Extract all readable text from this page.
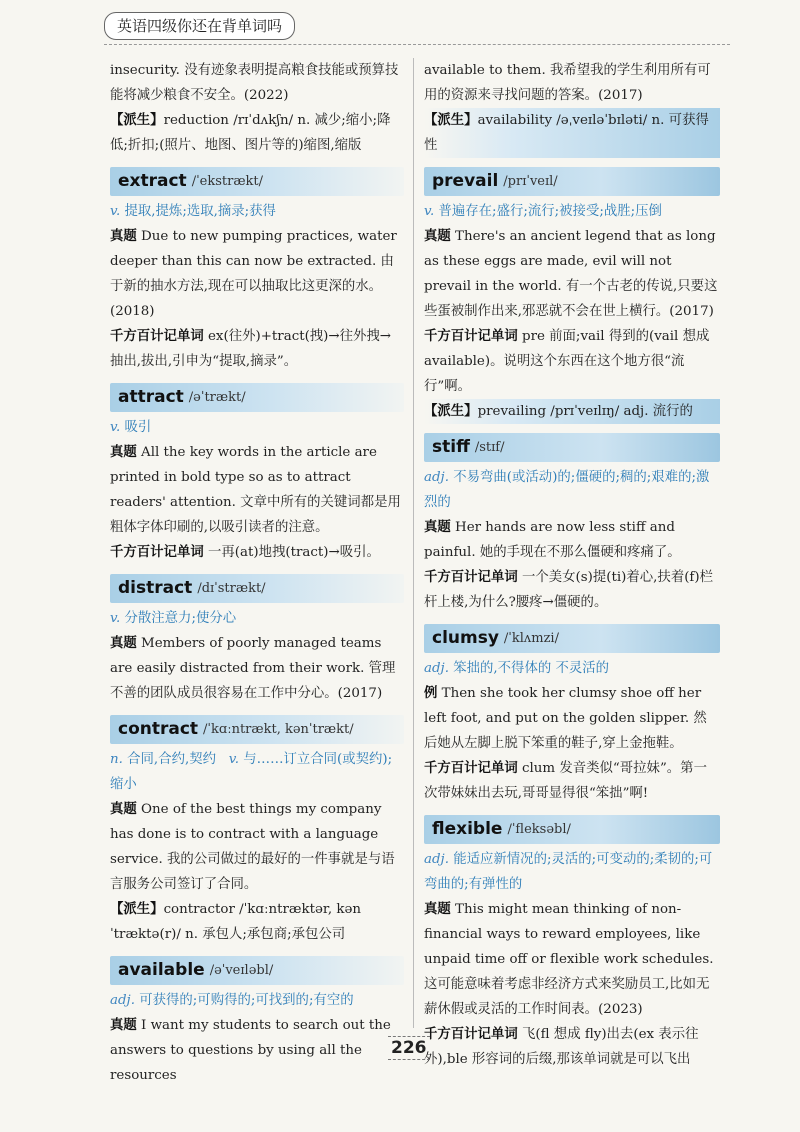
英语四级你还在背单词吗

insecurity. 没有迹象表明提高粮食技能或预算技能将减少粮食不安全。(2022)

【派生】reduction /rɪˈdʌkʃn/ n. 减少;缩小;降低;折扣;(照片、地图、图片等的)缩图,缩版

extract /ˈekstrækt/

v. 提取,提炼;选取,摘录;获得

真题 Due to new pumping practices, water deeper than this can now be extracted. 由于新的抽水方法,现在可以抽取比这更深的水。(2018)

千方百计记单词 ex(往外)+tract(拽)→往外拽→抽出,拔出,引申为“提取,摘录”。

attract /əˈtrækt/

v. 吸引

真题 All the key words in the article are printed in bold type so as to attract readers' attention. 文章中所有的关键词都是用粗体字体印刷的,以吸引读者的注意。

千方百计记单词 一再(at)地拽(tract)→吸引。

distract /dɪˈstrækt/

v. 分散注意力;使分心

真题 Members of poorly managed teams are easily distracted from their work. 管理不善的团队成员很容易在工作中分心。(2017)

contract /ˈkɑːntrækt, kənˈtrækt/

n. 合同,合约,契约 v. 与……订立合同(或契约);缩小

真题 One of the best things my company has done is to contract with a language service. 我的公司做过的最好的一件事就是与语言服务公司签订了合同。

【派生】contractor /ˈkɑːntræktər, kənˈtræktə(r)/ n. 承包人;承包商;承包公司

available /əˈveɪləbl/

adj. 可获得的;可购得的;可找到的;有空的

真题 I want my students to search out the answers to questions by using all the resources

available to them. 我希望我的学生利用所有可用的资源来寻找问题的答案。(2017)

【派生】availability /əˌveɪləˈbɪləti/ n. 可获得性

prevail /prɪˈveɪl/

v. 普遍存在;盛行;流行;被接受;战胜;压倒

真题 There's an ancient legend that as long as these eggs are made, evil will not prevail in the world. 有一个古老的传说,只要这些蛋被制作出来,邪恶就不会在世上横行。(2017)

千方百计记单词 pre 前面;vail 得到的(vail 想成 available)。说明这个东西在这个地方很“流行”啊。

【派生】prevailing /prɪˈveɪlɪŋ/ adj. 流行的

stiff /stɪf/

adj. 不易弯曲(或活动)的;僵硬的;稠的;艰难的;激烈的

真题 Her hands are now less stiff and painful. 她的手现在不那么僵硬和疼痛了。

千方百计记单词 一个美女(s)提(ti)着心,扶着(f)栏杆上楼,为什么?腰疼→僵硬的。

clumsy /ˈklʌmzi/

adj. 笨拙的,不得体的 不灵活的

例 Then she took her clumsy shoe off her left foot, and put on the golden slipper. 然后她从左脚上脱下笨重的鞋子,穿上金拖鞋。

千方百计记单词 clum 发音类似“哥拉妹”。第一次带妹妹出去玩,哥哥显得很“笨拙”啊!

flexible /ˈfleksəbl/

adj. 能适应新情况的;灵活的;可变动的;柔韧的;可弯曲的;有弹性的

真题 This might mean thinking of non-financial ways to reward employees, like unpaid time off or flexible work schedules. 这可能意味着考虑非经济方式来奖励员工,比如无薪休假或灵活的工作时间表。(2023)

千方百计记单词 飞(fl 想成 fly)出去(ex 表示往外),ble 形容词的后缀,那该单词就是可以飞出

226
